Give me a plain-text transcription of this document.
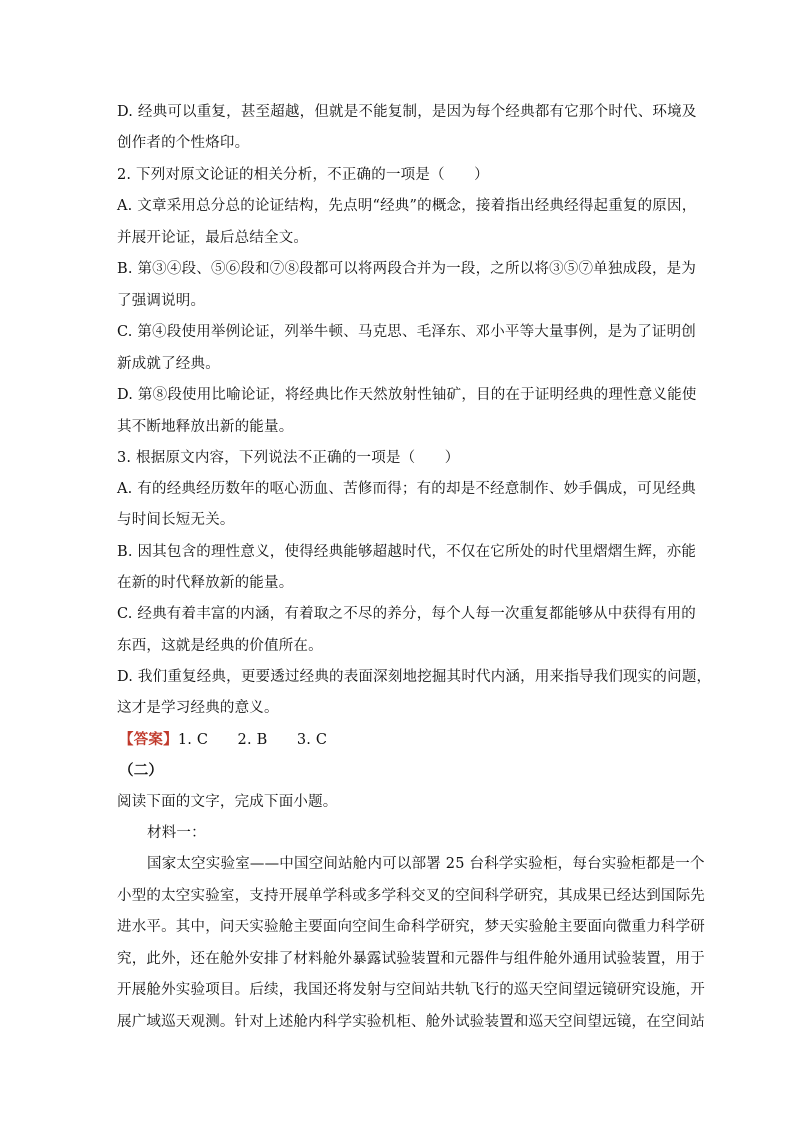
D. 经典可以重复，甚至超越，但就是不能复制，是因为每个经典都有它那个时代、环境及
创作者的个性烙印。
2. 下列对原文论证的相关分析，不正确的一项是（　　）
A. 文章采用总分总的论证结构，先点明“经典”的概念，接着指出经典经得起重复的原因，
并展开论证，最后总结全文。
B. 第③④段、⑤⑥段和⑦⑧段都可以将两段合并为一段，之所以将③⑤⑦单独成段，是为
了强调说明。
C. 第④段使用举例论证，列举牛顿、马克思、毛泽东、邓小平等大量事例，是为了证明创
新成就了经典。
D. 第⑧段使用比喻论证，将经典比作天然放射性铀矿，目的在于证明经典的理性意义能使
其不断地释放出新的能量。
3. 根据原文内容，下列说法不正确的一项是（　　）
A. 有的经典经历数年的呕心沥血、苦修而得；有的却是不经意制作、妙手偶成，可见经典
与时间长短无关。
B. 因其包含的理性意义，使得经典能够超越时代，不仅在它所处的时代里熠熠生辉，亦能
在新的时代释放新的能量。
C. 经典有着丰富的内涵，有着取之不尽的养分，每个人每一次重复都能够从中获得有用的
东西，这就是经典的价值所在。
D. 我们重复经典，更要透过经典的表面深刻地挖掘其时代内涵，用来指导我们现实的问题，
这才是学习经典的意义。
【答案】1. C　　2. B　　3. C
（二）
阅读下面的文字，完成下面小题。
材料一：
国家太空实验室——中国空间站舱内可以部署 25 台科学实验柜，每台实验柜都是一个
小型的太空实验室，支持开展单学科或多学科交叉的空间科学研究，其成果已经达到国际先
进水平。其中，问天实验舱主要面向空间生命科学研究，梦天实验舱主要面向微重力科学研
究，此外，还在舱外安排了材料舱外暴露试验装置和元器件与组件舱外通用试验装置，用于
开展舱外实验项目。后续，我国还将发射与空间站共轨飞行的巡天空间望远镜研究设施，开
展广域巡天观测。针对上述舱内科学实验机柜、舱外试验装置和巡天空间望远镜，在空间站
